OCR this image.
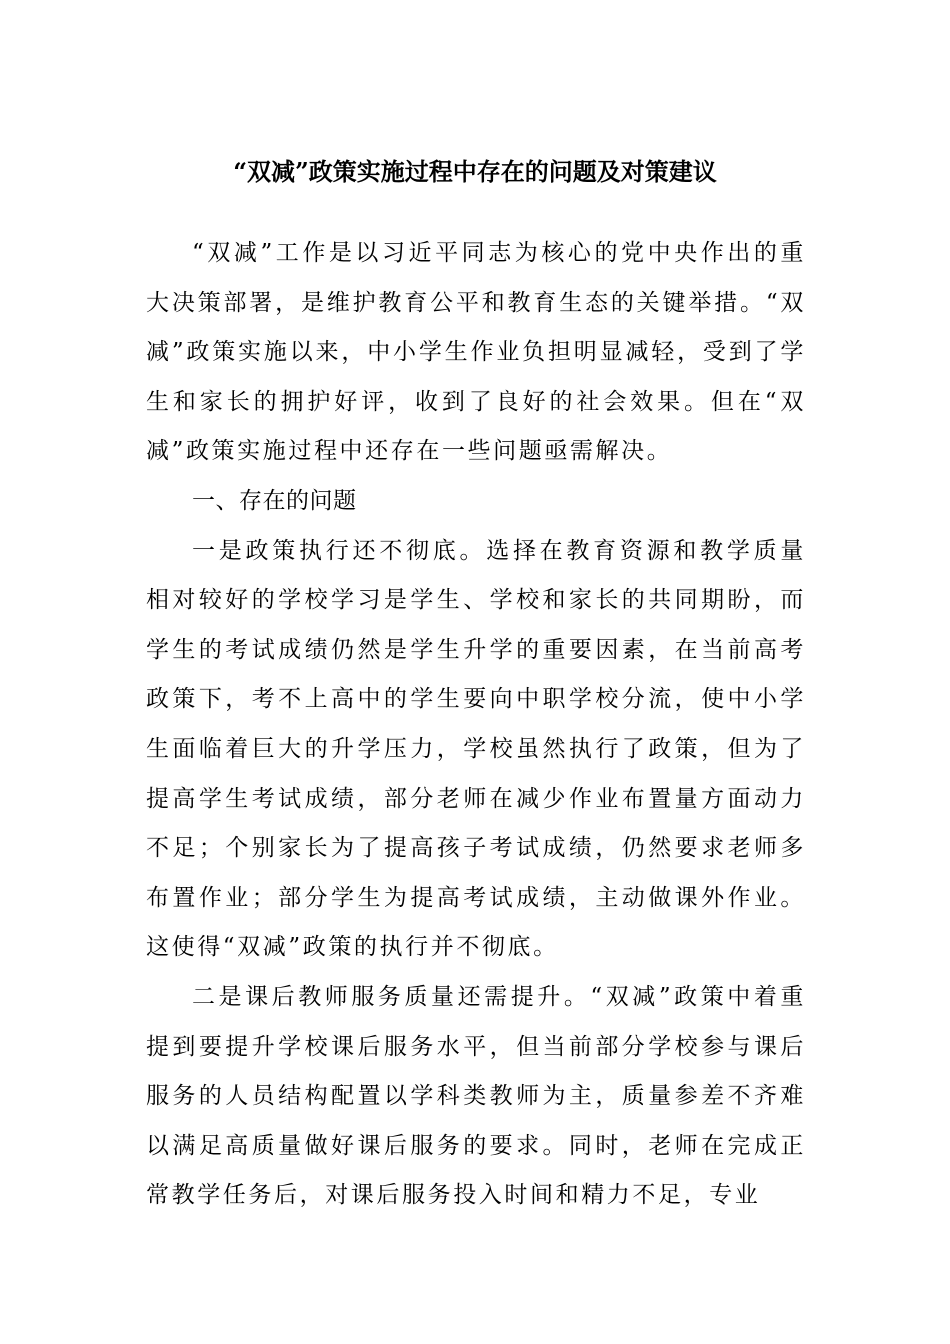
“双减”政策实施过程中存在的问题及对策建议

“双减”工作是以习近平同志为核心的党中央作出的重大决策部署，是维护教育公平和教育生态的关键举措。“双减”政策实施以来，中小学生作业负担明显减轻，受到了学生和家长的拥护好评，收到了良好的社会效果。但在“双减”政策实施过程中还存在一些问题亟需解决。

一、存在的问题

一是政策执行还不彻底。选择在教育资源和教学质量相对较好的学校学习是学生、学校和家长的共同期盼，而学生的考试成绩仍然是学生升学的重要因素，在当前高考政策下，考不上高中的学生要向中职学校分流，使中小学生面临着巨大的升学压力，学校虽然执行了政策，但为了提高学生考试成绩，部分老师在减少作业布置量方面动力不足；个别家长为了提高孩子考试成绩，仍然要求老师多布置作业；部分学生为提高考试成绩，主动做课外作业。这使得“双减”政策的执行并不彻底。

二是课后教师服务质量还需提升。“双减”政策中着重提到要提升学校课后服务水平，但当前部分学校参与课后服务的人员结构配置以学科类教师为主，质量参差不齐难以满足高质量做好课后服务的要求。同时，老师在完成正常教学任务后，对课后服务投入时间和精力不足，专业
